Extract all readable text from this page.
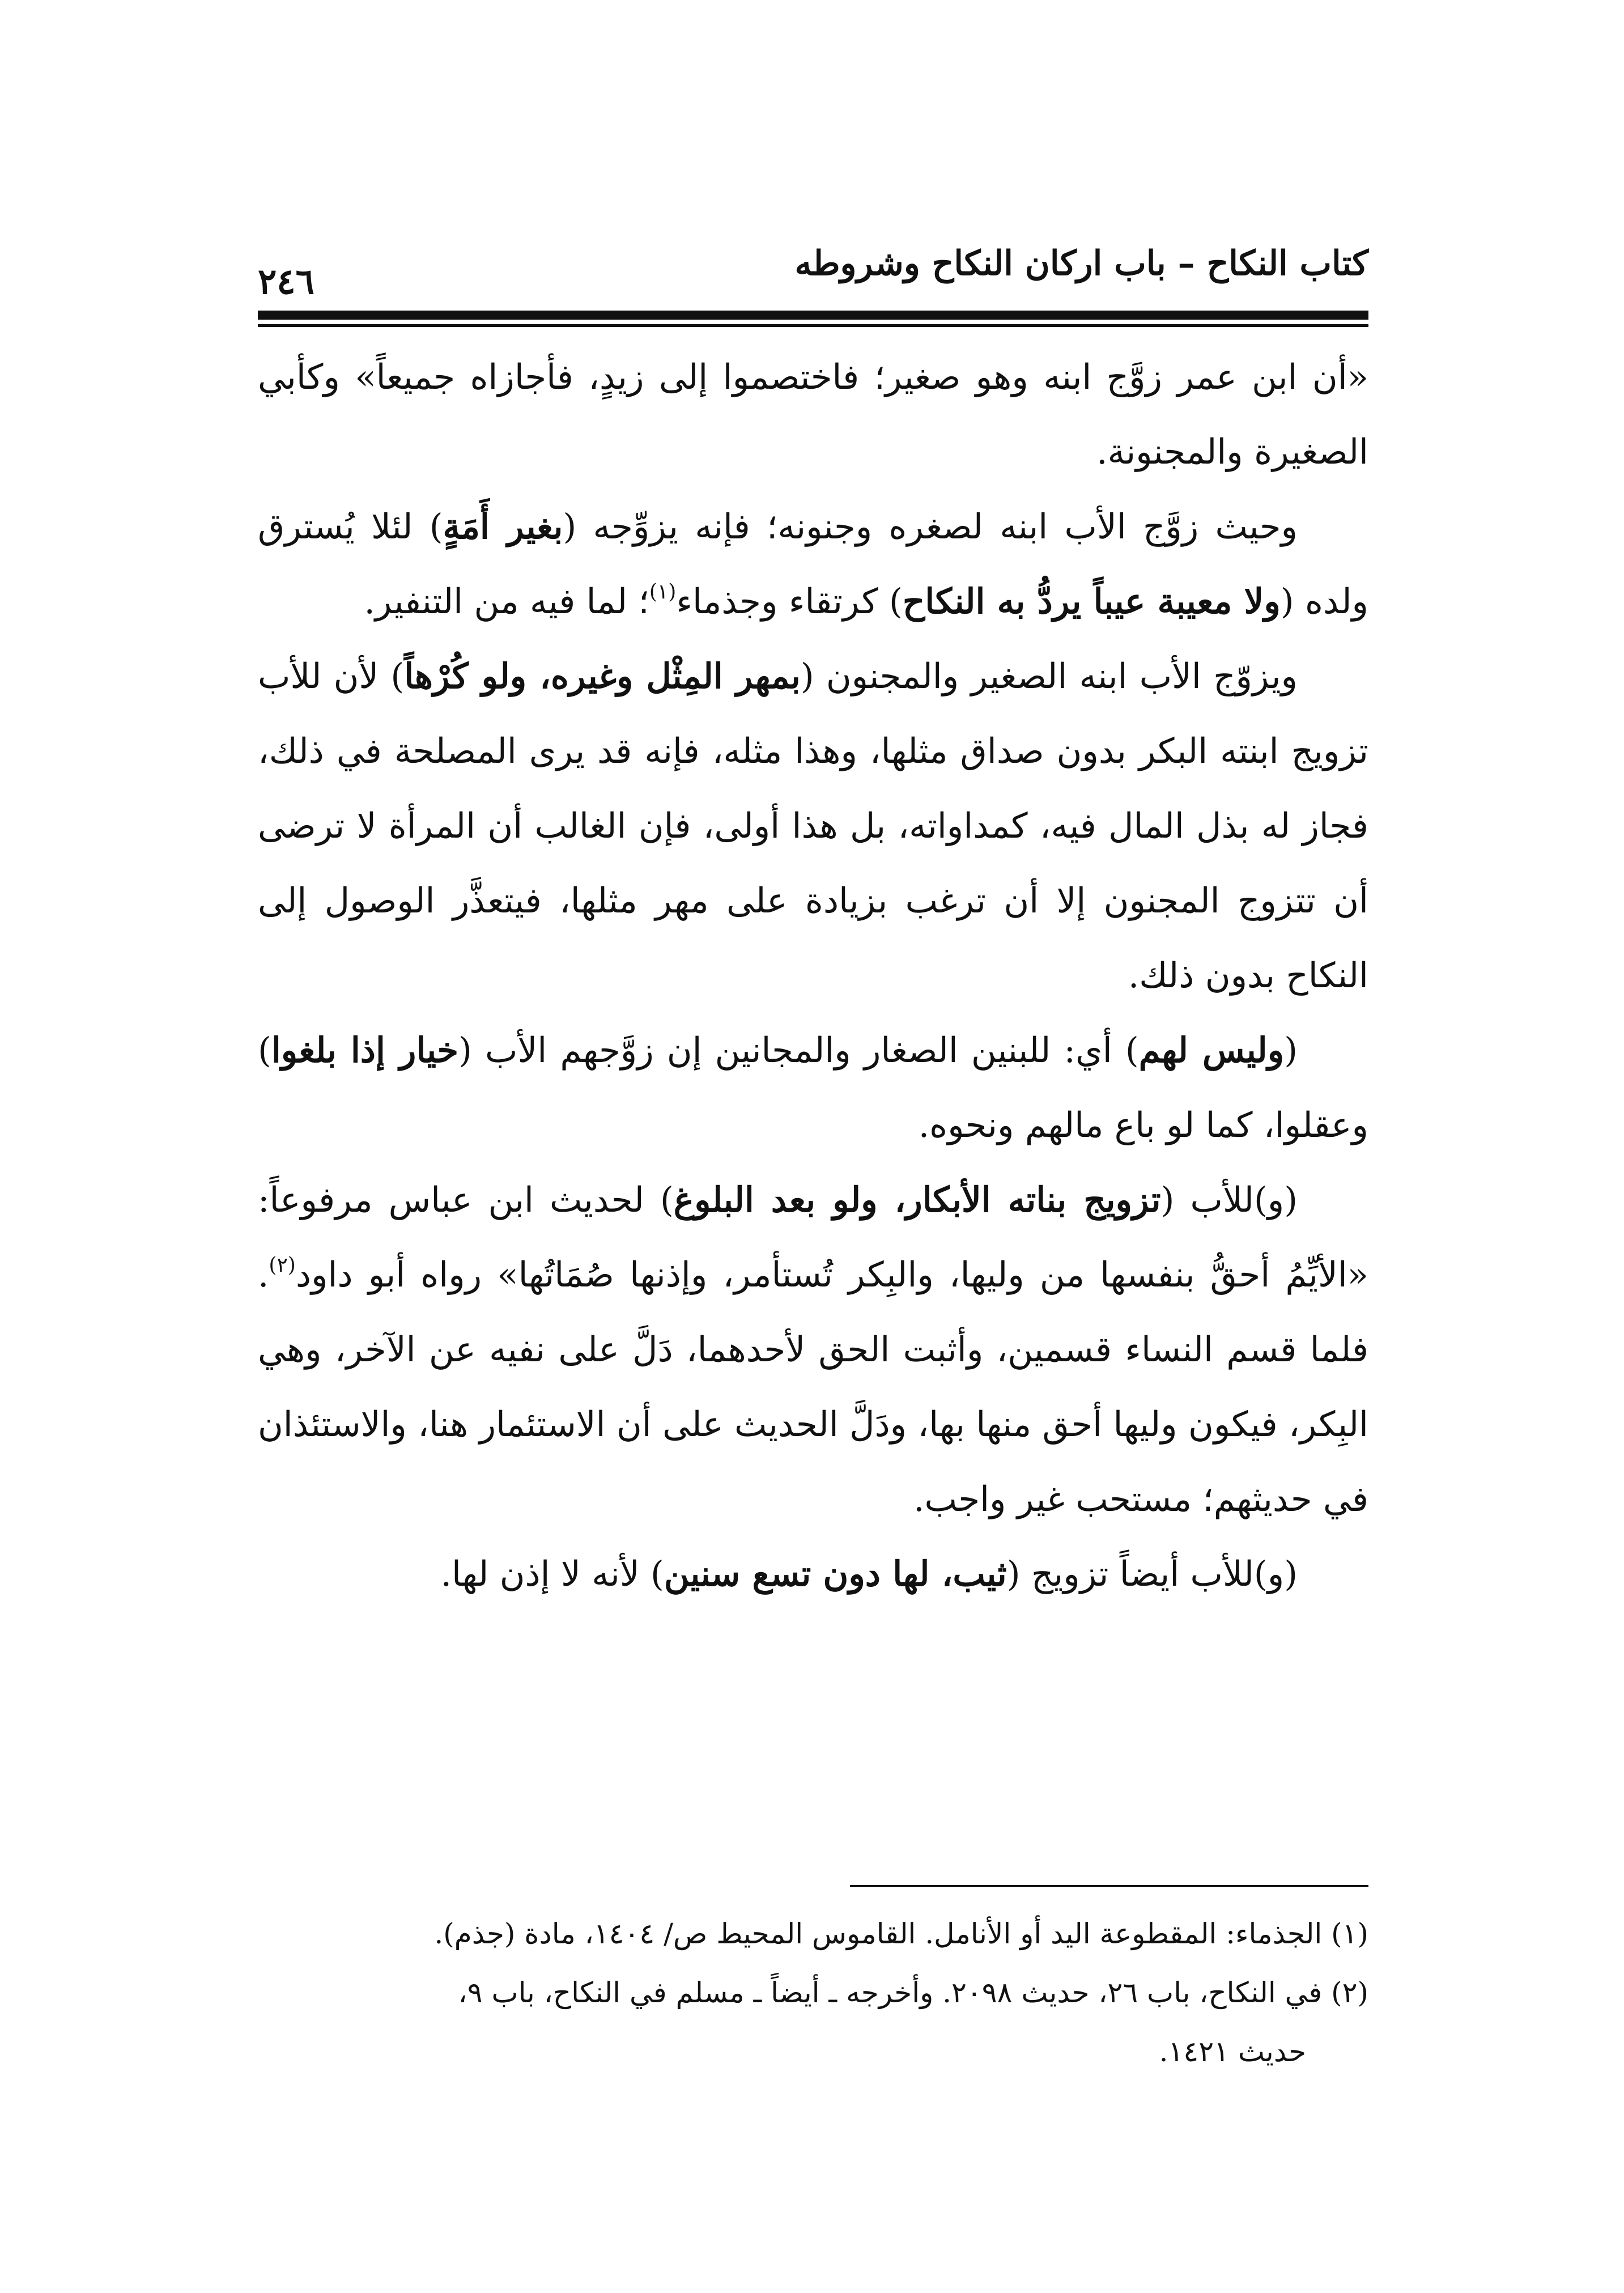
كتاب النكاح – باب اركان النكاح وشروطه
٢٤٦

«أن ابن عمر زوَّج ابنه وهو صغير؛ فاختصموا إلى زيدٍ، فأجازاه جميعاً» وكأبي الصغيرة والمجنونة.

وحيث زوَّج الأب ابنه لصغره وجنونه؛ فإنه يزوِّجه (بغير أَمَةٍ) لئلا يُسترق ولده (ولا معيبة عيباً يردُّ به النكاح) كرتقاء وجذماء$^{(١)}$؛ لما فيه من التنفير.

ويزوّج الأب ابنه الصغير والمجنون (بمهر المِثْل وغيره، ولو كُرْهاً) لأن للأب تزويج ابنته البكر بدون صداق مثلها، وهذا مثله، فإنه قد يرى المصلحة في ذلك، فجاز له بذل المال فيه، كمداواته، بل هذا أولى، فإن الغالب أن المرأة لا ترضى أن تتزوج المجنون إلا أن ترغب بزيادة على مهر مثلها، فيتعذَّر الوصول إلى النكاح بدون ذلك.

(وليس لهم) أي: للبنين الصغار والمجانين إن زوَّجهم الأب (خيار إذا بلغوا) وعقلوا، كما لو باع مالهم ونحوه.

(و)للأب (تزويج بناته الأبكار، ولو بعد البلوغ) لحديث ابن عباس مرفوعاً: «الأيِّمُ أحقُّ بنفسها من وليها، والبِكر تُستأمر، وإذنها صُمَاتُها» رواه أبو داود$^{(٢)}$. فلما قسم النساء قسمين، وأثبت الحق لأحدهما، دَلَّ على نفيه عن الآخر، وهي البِكر، فيكون وليها أحق منها بها، ودَلَّ الحديث على أن الاستئمار هنا، والاستئذان في حديثهم؛ مستحب غير واجب.

(و)للأب أيضاً تزويج (ثيب، لها دون تسع سنين) لأنه لا إذن لها.

(١) الجذماء: المقطوعة اليد أو الأنامل. القاموس المحيط ص/ ١٤٠٤، مادة (جذم).

(٢) في النكاح، باب ٢٦، حديث ٢٠٩٨. وأخرجه ـ أيضاً ـ مسلم في النكاح، باب ٩،

حديث ١٤٢١.
